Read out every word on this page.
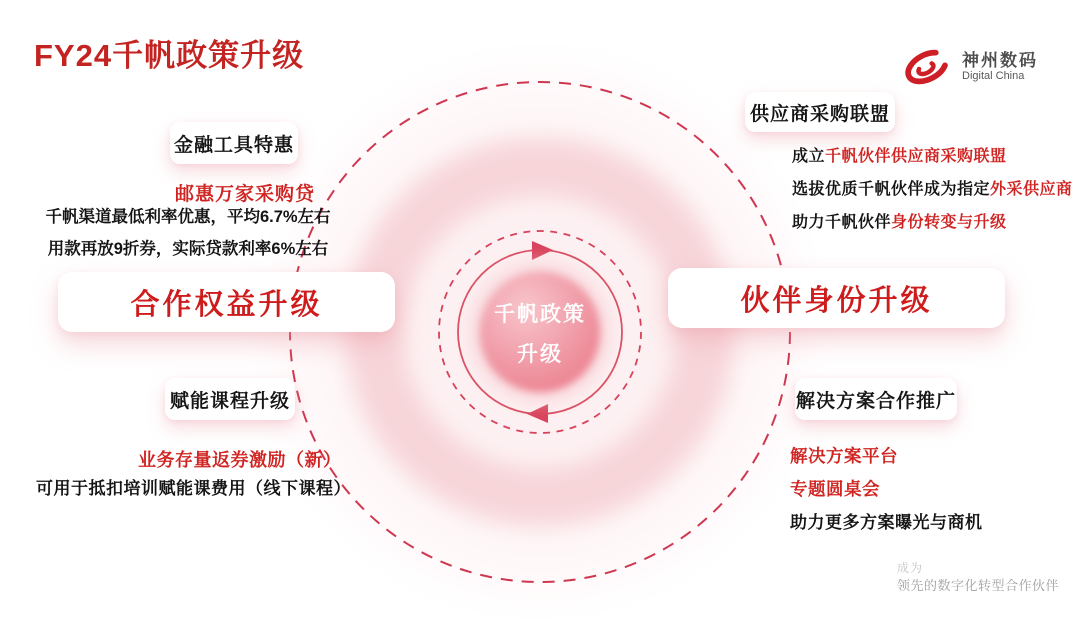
千帆政策
升级
FY24千帆政策升级	神州数码
Digital China
金融工具特惠
邮惠万家采购贷
千帆渠道最低利率优惠，平均6.7%左右
用款再放9折券，实际贷款利率6%左右
合作权益升级
赋能课程升级
业务存量返券激励（新）
可用于抵扣培训赋能课费用（线下课程）
供应商采购联盟
成立千帆伙伴供应商采购联盟
选拔优质千帆伙伴成为指定外采供应商
助力千帆伙伴身份转变与升级
伙伴身份升级
解决方案合作推广
解决方案平台
专题圆桌会
助力更多方案曝光与商机
成为
领先的数字化转型合作伙伴
